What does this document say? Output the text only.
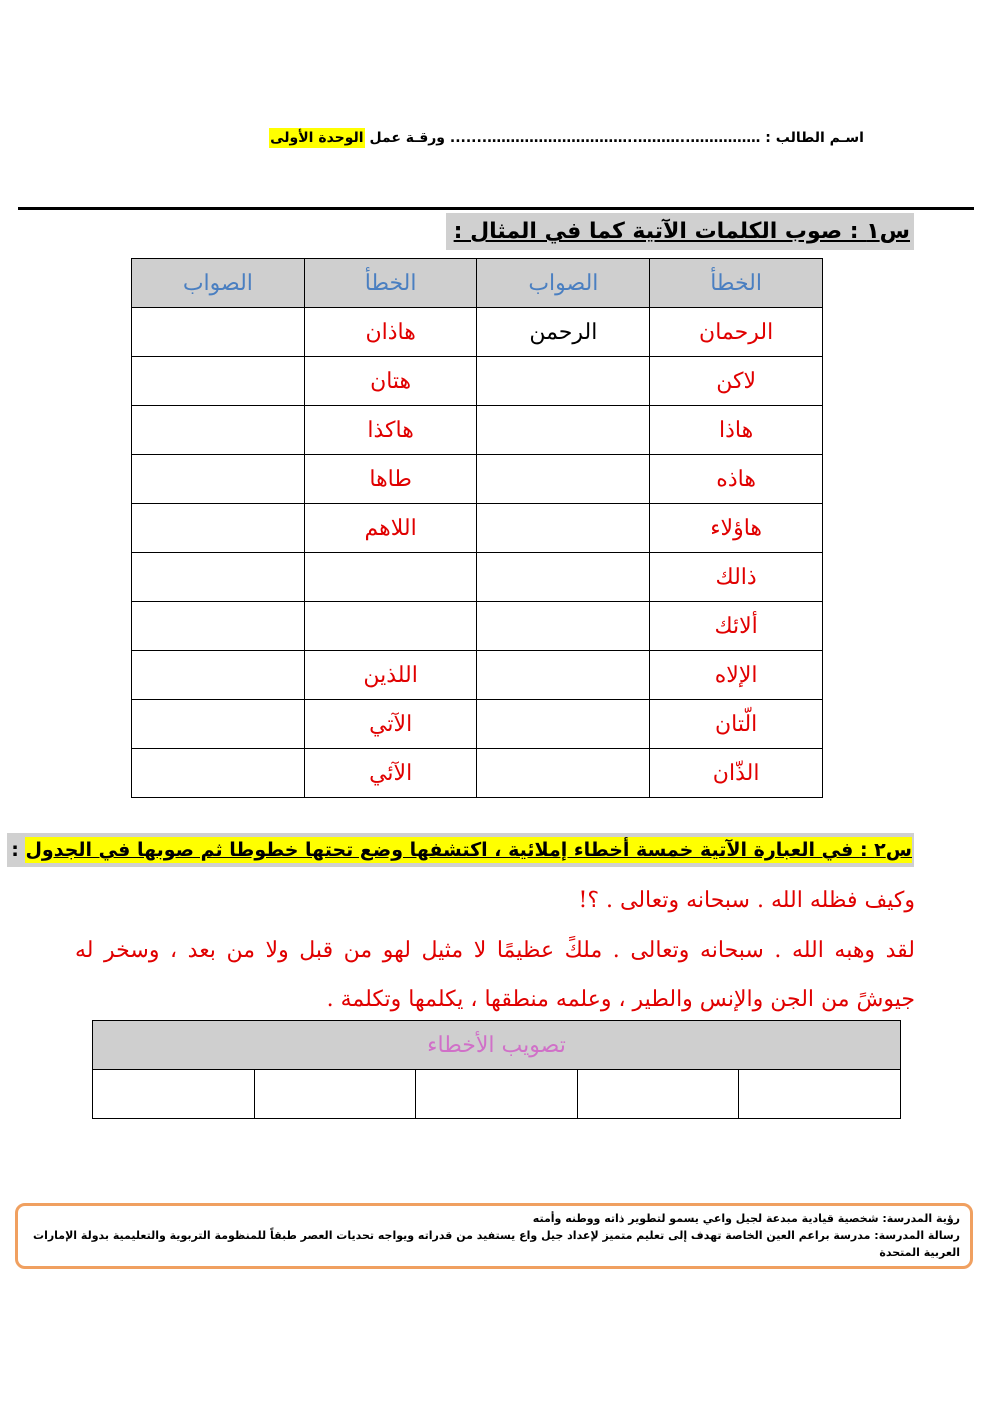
اسـم الطالب : ……………..………..…………………………....... ورقـة عمل الوحدة الأولى
س١ : صوب الكلمات الآتية كما في المثال :
الخطأ	الصواب	الخطأ	الصواب
الرحمان	الرحمن	هاذان	
لاكن		هتان	
هاذا		هاكذا	
هاذه		طاها	
هاؤلاء		اللاهم	
ذالك			
ألائك			
الإلاه		اللذين	
الّتان		الآتي	
الذّان		الآئي	
س٢ : في العبارة الآتية خمسة أخطاء إملائية ، اكتشفها وضع تحتها خطوطا ثم صوبها في الجدول :
وكيف فظله الله . سبحانه وتعالى . ؟!
لقد وهبه الله . سبحانه وتعالى . ملكً عظيمًا لا مثيل لهو من قبل ولا من بعد ، وسخر له
جيوشً من الجن والإنس والطير ، وعلمه منطقها ، يكلمها وتكلمة .
تصويب الأخطاء

رؤية المدرسة: شخصية قيادية مبدعة لجيل واعي يسمو لتطوير ذاته ووطنه وأمته
رسالة المدرسة: مدرسة براعم العين الخاصة تهدف إلى تعليم متميز لإعداد جيل واع يستفيد من قدراته ويواجه تحديات العصر طبقاً للمنظومة التربوية والتعليمية بدولة الإمارات العربية المتحدة
